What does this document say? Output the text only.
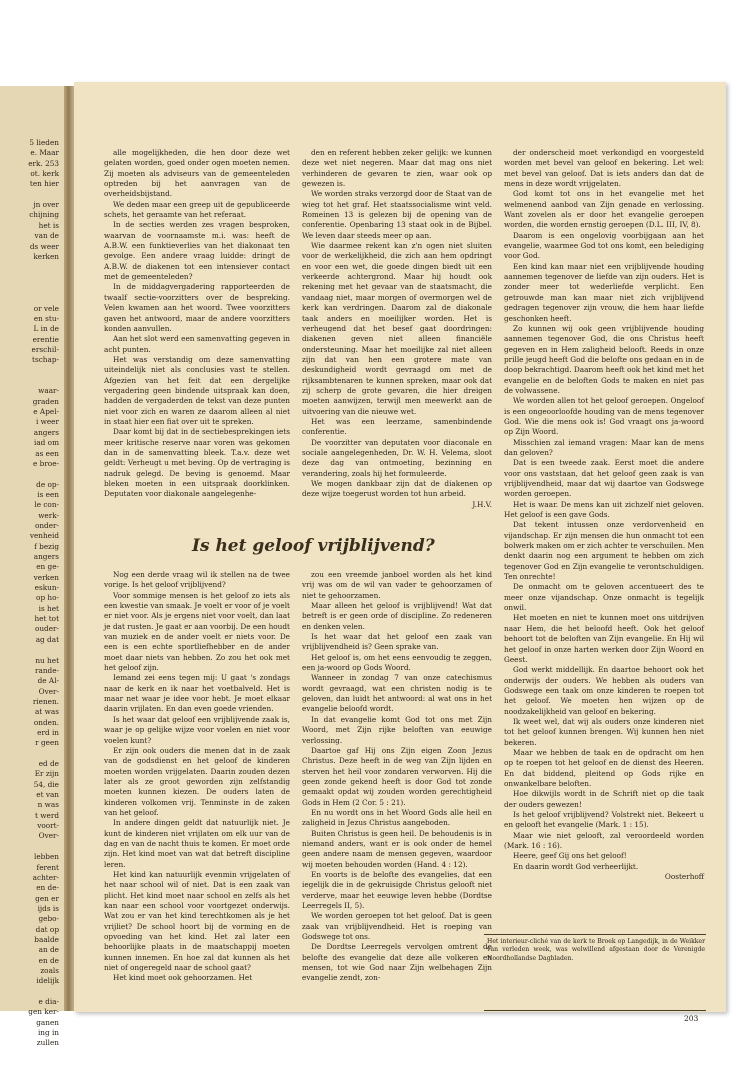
5 lieden
e. Maar
erk. 253
ot. kerk
ten hier
jn over
chijning
het is
van de
ds weer
kerken
or vele
en stu-
L in de
erentie
erschil-
tschap-
waar-
graden
e Apel-
i weer
angers
iad om
as een
e broe-
de op-
is een
le con-
werk-
onder-
venheid
f bezig
angers
en ge-
verken
eskun-
op ho-
is het
het tot
ouder-
ag dat
nu het
rande-
de Al-
Over-
rienen.
at was
onden.
erd in
r geen
ed de
Er zijn
54, die
et van
n was
t werd
voort-
Over-
lebben
ferent
achter-
en de-
gen er
ijds is
gebo-
dat op
baalde
an de
en de
zoals
idelijk
e dia-
gen ker-
ganen
ing in
zullen

alle mogelijkheden, die hen door deze wet gelaten worden, goed onder ogen moeten nemen. Zij moeten als adviseurs van de gemeenteleden optreden bij het aanvragen van de overheidsbijstand.

We deden maar een greep uit de gepubliceerde schets, het geraamte van het referaat.

In de secties werden zes vragen besproken, waarvan de voornaamste m.i. was: heeft de A.B.W. een funktieverlies van het diakonaat ten gevolge. Een andere vraag luidde: dringt de A.B.W. de diakenen tot een intensiever contact met de gemeenteleden?

In de middagvergadering rapporteerden de twaalf sectie-voorzitters over de bespreking. Velen kwamen aan het woord. Twee voorzitters gaven het antwoord, maar de andere voorzitters konden aanvullen.

Aan het slot werd een samenvatting gegeven in acht punten.

Het was verstandig om deze samenvatting uiteindelijk niet als conclusies vast te stellen. Afgezien van het feit dat een dergelijke vergadering geen bindende uitspraak kan doen, hadden de vergaderden de tekst van deze punten niet voor zich en waren ze daarom alleen al niet in staat hier een fiat over uit te spreken.

Daar komt bij dat in de sectiebesprekingen iets meer kritische reserve naar voren was gekomen dan in de samenvatting bleek. T.a.v. deze wet geldt: Verheugt u met beving. Op de vertraging is nadruk gelegd. De beving is genoemd. Maar bleken moeten in een uitspraak doorklinken. Deputaten voor diakonale aangelegenhe-

den en referent hebben zeker gelijk: we kunnen deze wet niet negeren. Maar dat mag ons niet verhinderen de gevaren te zien, waar ook op gewezen is.

We worden straks verzorgd door de Staat van de wieg tot het graf. Het staatssocialisme wint veld. Romeinen 13 is gelezen bij de opening van de conferentie. Openbaring 13 staat ook in de Bijbel. We leven daar steeds meer op aan.

Wie daarmee rekent kan z'n ogen niet sluiten voor de werkelijkheid, die zich aan hem opdringt en voor een wet, die goede dingen biedt uit een verkeerde achtergrond. Maar hij houdt ook rekening met het gevaar van de staatsmacht, die vandaag niet, maar morgen of overmorgen wel de kerk kan verdringen. Daarom zal de diakonale taak anders en moeilijker worden. Het is verheugend dat het besef gaat doordringen: diakenen geven niet alleen financiële ondersteuning. Maar het moeilijke zal niet alleen zijn dat van hen een grotere mate van deskundigheid wordt gevraagd om met de rijksambtenaren te kunnen spreken, maar ook dat zij scherp de grote gevaren, die hier dreigen moeten aanwijzen, terwijl men meewerkt aan de uitvoering van die nieuwe wet.

Het was een leerzame, samenbindende conferentie.

De voorzitter van deputaten voor diaconale en sociale aangelegenheden, Dr. W. H. Velema, sloot deze dag van ontmoeting, bezinning en verandering, zoals hij het formuleerde.

We mogen dankbaar zijn dat de diakenen op deze wijze toegerust worden tot hun arbeid.

J.H.V.

Is het geloof vrijblijvend?

Nog een derde vraag wil ik stellen na de twee vorige. Is het geloof vrijblijvend?

Voor sommige mensen is het geloof zo iets als een kwestie van smaak. Je voelt er voor of je voelt er niet voor. Als je ergens niet voor voelt, dan laat je dat rusten. Je gaat er aan voorbij. De een houdt van muziek en de ander voelt er niets voor. De een is een echte sportliefhebber en de ander moet daar niets van hebben. Zo zou het ook met het geloof zijn.

Iemand zei eens tegen mij: U gaat 's zondags naar de kerk en ik naar het voetbalveld. Het is maar net waar je idee voor hebt. Je moet elkaar daarin vrijlaten. En dan even goede vrienden.

Is het waar dat geloof een vrijblijvende zaak is, waar je op gelijke wijze voor voelen en niet voor voelen kunt?

Er zijn ook ouders die menen dat in de zaak van de godsdienst en het geloof de kinderen moeten worden vrijgelaten. Daarin zouden dezen later als ze groot geworden zijn zelfstandig moeten kunnen kiezen. De ouders laten de kinderen volkomen vrij. Tenminste in de zaken van het geloof.

In andere dingen geldt dat natuurlijk niet. Je kunt de kinderen niet vrijlaten om elk uur van de dag en van de nacht thuis te komen. Er moet orde zijn. Het kind moet van wat dat betreft discipline leren.

Het kind kan natuurlijk evenmin vrijgelaten of het naar school wil of niet. Dat is een zaak van plicht. Het kind moet naar school en zelfs als het kan naar een school voor voortgezet onderwijs. Wat zou er van het kind terechtkomen als je het vrijliet? De school hoort bij de vorming en de opvoeding van het kind. Het zal later een behoorlijke plaats in de maatschappij moeten kunnen innemen. En hoe zal dat kunnen als het niet of ongeregeld naar de school gaat?

Het kind moet ook gehoorzamen. Het

zou een vreemde janboel worden als het kind vrij was om de wil van vader te gehoorzamen of niet te gehoorzamen.

Maar alleen het geloof is vrijblijvend! Wat dat betreft is er geen orde of discipline. Zo redeneren en denken velen.

Is het waar dat het geloof een zaak van vrijblijvendheid is? Geen sprake van.

Het geloof is, om het eens eenvoudig te zeggen, een ja-woord op Gods Woord.

Wanneer in zondag 7 van onze catechismus wordt gevraagd, wat een christen nodig is te geloven, dan luidt het antwoord: al wat ons in het evangelie beloofd wordt.

In dat evangelie komt God tot ons met Zijn Woord, met Zijn rijke beloften van eeuwige verlossing.

Daartoe gaf Hij ons Zijn eigen Zoon Jezus Christus. Deze heeft in de weg van Zijn lijden en sterven het heil voor zondaren verworven. Hij die geen zonde gekend heeft is door God tot zonde gemaakt opdat wij zouden worden gerechtigheid Gods in Hem (2 Cor. 5 : 21).

En nu wordt ons in het Woord Gods alle heil en zaligheid in Jezus Christus aangeboden.

Buiten Christus is geen heil. De behoudenis is in niemand anders, want er is ook onder de hemel geen andere naam de mensen gegeven, waardoor wij moeten behouden worden (Hand. 4 : 12).

En voorts is de belofte des evangelies, dat een iegelijk die in de gekruisigde Christus gelooft niet verderve, maar het eeuwige leven hebbe (Dordtse Leerregels II, 5).

We worden geroepen tot het geloof. Dat is geen zaak van vrijblijvendheid. Het is roeping van Godswege tot ons.

De Dordtse Leerregels vervolgen omtrent de belofte des evangelie dat deze alle volkeren en mensen, tot wie God naar Zijn welbehagen Zijn evangelie zendt, zon-

der onderscheid moet verkondigd en voorgesteld worden met bevel van geloof en bekering. Let wel: met bevel van geloof. Dat is iets anders dan dat de mens in deze wordt vrijgelaten.

God komt tot ons in het evangelie met het welmenend aanbod van Zijn genade en verlossing. Want zovelen als er door het evangelie geroepen worden, die worden ernstig geroepen (D.L. III, IV, 8).

Daarom is een ongelovig voorbijgaan aan het evangelie, waarmee God tot ons komt, een belediging voor God.

Een kind kan maar niet een vrijblijvende houding aannemen tegenover de liefde van zijn ouders. Het is zonder meer tot wederliefde verplicht. Een getrouwde man kan maar niet zich vrijblijvend gedragen tegenover zijn vrouw, die hem haar liefde geschonken heeft.

Zo kunnen wij ook geen vrijblijvende houding aannemen tegenover God, die ons Christus heeft gegeven en in Hem zaligheid belooft. Reeds in onze prille jeugd heeft God die belofte ons gedaan en in de doop bekrachtigd. Daarom heeft ook het kind met het evangelie en de beloften Gods te maken en niet pas de volwassene.

We worden allen tot het geloof geroepen. Ongeloof is een ongeoorloofde houding van de mens tegenover God. Wie die mens ook is! God vraagt ons ja-woord op Zijn Woord.

Misschien zal iemand vragen: Maar kan de mens dan geloven?

Dat is een tweede zaak. Eerst moet die andere voor ons vaststaan, dat het geloof geen zaak is van vrijblijvendheid, maar dat wij daartoe van Godswege worden geroepen.

Het is waar. De mens kan uit zichzelf niet geloven. Het geloof is een gave Gods.

Dat tekent intussen onze verdorvenheid en vijandschap. Er zijn mensen die hun onmacht tot een bolwerk maken om er zich achter te verschuilen. Men denkt daarin nog een argument te hebben om zich tegenover God en Zijn evangelie te verontschuldigen. Ten onrechte!

De onmacht om te geloven accentueert des te meer onze vijandschap. Onze onmacht is tegelijk onwil.

Het moeten en niet te kunnen moet ons uitdrijven naar Hem, die het beloofd heeft. Ook het geloof behoort tot de beloften van Zijn evangelie. En Hij wil het geloof in onze harten werken door Zijn Woord en Geest.

God werkt middellijk. En daartoe behoort ook het onderwijs der ouders. We hebben als ouders van Godswege een taak om onze kinderen te roepen tot het geloof. We moeten hen wijzen op de noodzakelijkheid van geloof en bekering.

Ik weet wel, dat wij als ouders onze kinderen niet tot het geloof kunnen brengen. Wij kunnen hen niet bekeren.

Maar we hebben de taak en de opdracht om hen op te roepen tot het geloof en de dienst des Heeren. En dat biddend, pleitend op Gods rijke en onwankelbare beloften.

Hoe dikwijls wordt in de Schrift niet op die taak der ouders gewezen!

Is het geloof vrijblijvend? Volstrekt niet. Bekeert u en gelooft het evangelie (Mark. 1 : 15).

Maar wie niet gelooft, zal veroordeeld worden (Mark. 16 : 16).

Heere, geef Gij ons het geloof!

En daarin wordt God verheerlijkt.

Oosterhoff

Het interieur-cliché van de kerk te Broek op Langedijk, in de Weikker van verleden week, was welwillend afgestaan door de Verenigde Noordhollandse Dagbladen.
203
